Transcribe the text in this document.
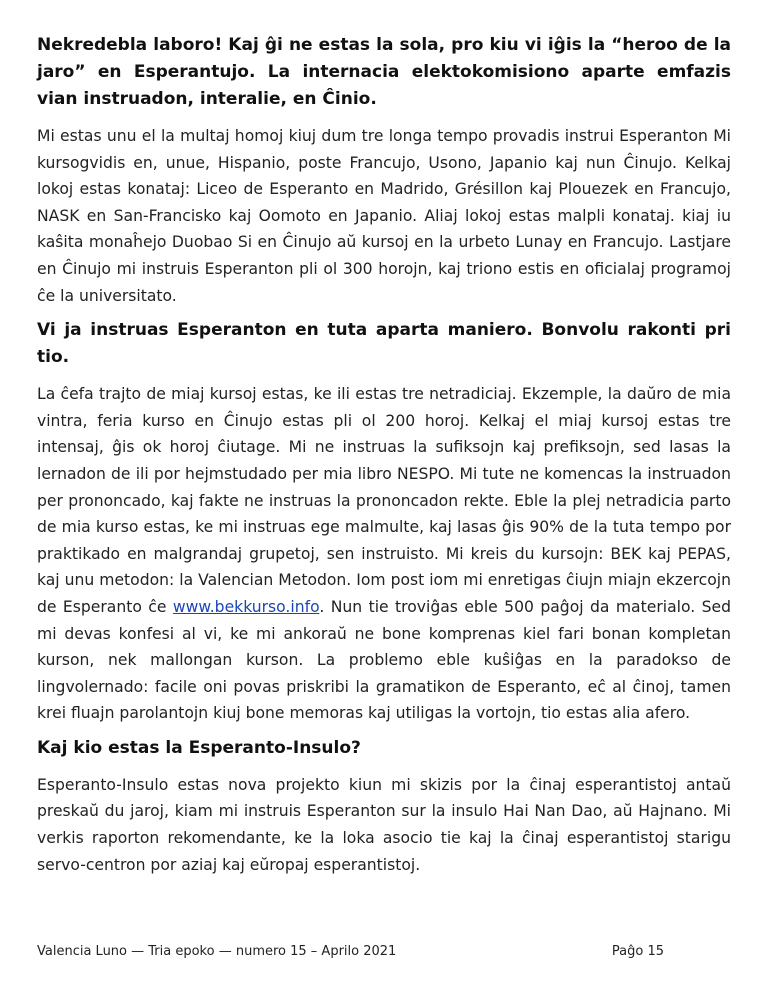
Nekredebla laboro! Kaj ĝi ne estas la sola, pro kiu vi iĝis la “heroo de la jaro” en Esperantujo. La internacia elektokomisiono aparte emfazis vian instruadon, interalie, en Ĉinio.

Mi estas unu el la multaj homoj kiuj dum tre longa tempo provadis instrui Esperanton Mi kursogvidis en, unue, Hispanio, poste Francujo, Usono, Japanio kaj nun Ĉinujo. Kelkaj lokoj estas konataj: Liceo de Esperanto en Madrido, Grésillon kaj Plouezek en Francujo, NASK en San-Francisko kaj Oomoto en Japanio. Aliaj lokoj estas malpli konataj. kiaj iu kaŝita monaĥejo Duobao Si en Ĉinujo aŭ kursoj en la urbeto Lunay en Francujo. Lastjare en Ĉinujo mi instruis Esperanton pli ol 300 horojn, kaj triono estis en oficialaj programoj ĉe la universitato.

Vi ja instruas Esperanton en tuta aparta maniero. Bonvolu rakonti pri tio.

La ĉefa trajto de miaj kursoj estas, ke ili estas tre netradiciaj. Ekzemple, la daŭro de mia vintra, feria kurso en Ĉinujo estas pli ol 200 horoj. Kelkaj el miaj kursoj estas tre intensaj, ĝis ok horoj ĉiutage. Mi ne instruas la sufiksojn kaj prefiksojn, sed lasas la lernadon de ili por hejmstudado per mia libro NESPO. Mi tute ne komencas la instruadon per prononcado, kaj fakte ne instruas la prononcadon rekte. Eble la plej netradicia parto de mia kurso estas, ke mi instruas ege malmulte, kaj lasas ĝis 90% de la tuta tempo por praktikado en malgrandaj grupetoj, sen instruisto. Mi kreis du kursojn: BEK kaj PEPAS, kaj unu metodon: la Valencian Metodon. Iom post iom mi enretigas ĉiujn miajn ekzercojn de Esperanto ĉe www.bekkurso.info. Nun tie troviĝas eble 500 paĝoj da materialo. Sed mi devas konfesi al vi, ke mi ankoraŭ ne bone komprenas kiel fari bonan kompletan kurson, nek mallongan kurson. La problemo eble kuŝiĝas en la paradokso de lingvolernado: facile oni povas priskribi la gramatikon de Esperanto, eĉ al ĉinoj, tamen krei fluajn parolantojn kiuj bone memoras kaj utiligas la vortojn, tio estas alia afero.

Kaj kio estas la Esperanto-Insulo?

Esperanto-Insulo estas nova projekto kiun mi skizis por la ĉinaj esperantistoj antaŭ preskaŭ du jaroj, kiam mi instruis Esperanton sur la insulo Hai Nan Dao, aŭ Hajnano. Mi verkis raporton rekomendante, ke la loka asocio tie kaj la ĉinaj esperantistoj starigu servo-centron por aziaj kaj eŭropaj esperantistoj.

Valencia Luno — Tria epoko — numero 15 – Aprilo 2021	Paĝo 15
